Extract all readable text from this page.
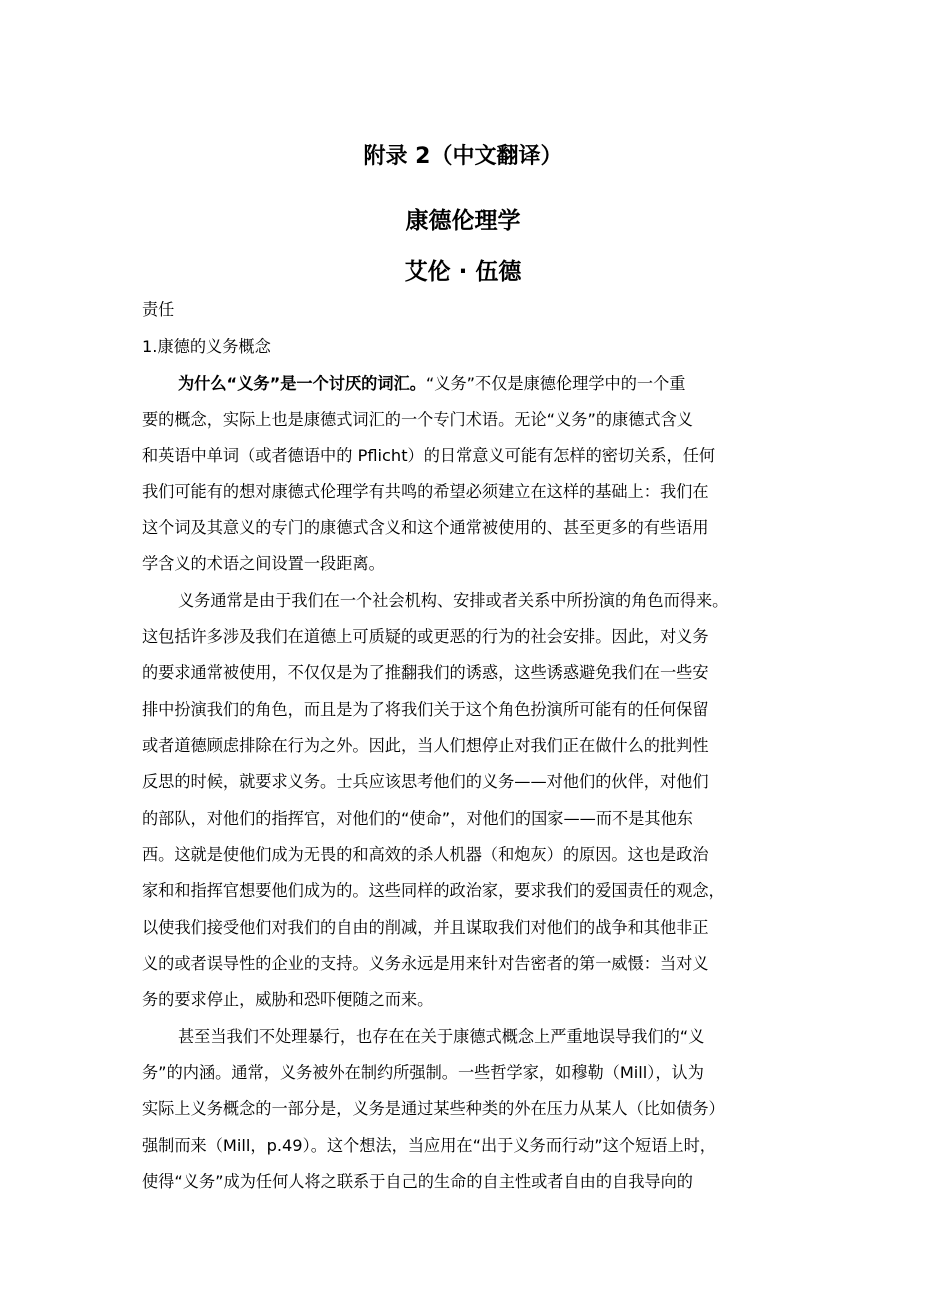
附录 2（中文翻译）
康德伦理学
艾伦 · 伍德
责任
1.康德的义务概念
为什么“义务”是一个讨厌的词汇。“义务”不仅是康德伦理学中的一个重
要的概念，实际上也是康德式词汇的一个专门术语。无论“义务”的康德式含义
和英语中单词（或者德语中的 Pflicht）的日常意义可能有怎样的密切关系，任何
我们可能有的想对康德式伦理学有共鸣的希望必须建立在这样的基础上：我们在
这个词及其意义的专门的康德式含义和这个通常被使用的、甚至更多的有些语用
学含义的术语之间设置一段距离。
义务通常是由于我们在一个社会机构、安排或者关系中所扮演的角色而得来。
这包括许多涉及我们在道德上可质疑的或更恶的行为的社会安排。因此，对义务
的要求通常被使用，不仅仅是为了推翻我们的诱惑，这些诱惑避免我们在一些安
排中扮演我们的角色，而且是为了将我们关于这个角色扮演所可能有的任何保留
或者道德顾虑排除在行为之外。因此，当人们想停止对我们正在做什么的批判性
反思的时候，就要求义务。士兵应该思考他们的义务——对他们的伙伴，对他们
的部队，对他们的指挥官，对他们的“使命”，对他们的国家——而不是其他东
西。这就是使他们成为无畏的和高效的杀人机器（和炮灰）的原因。这也是政治
家和和指挥官想要他们成为的。这些同样的政治家，要求我们的爱国责任的观念，
以使我们接受他们对我们的自由的削减，并且谋取我们对他们的战争和其他非正
义的或者误导性的企业的支持。义务永远是用来针对告密者的第一威慑：当对义
务的要求停止，威胁和恐吓便随之而来。
甚至当我们不处理暴行，也存在在关于康德式概念上严重地误导我们的“义
务”的内涵。通常，义务被外在制约所强制。一些哲学家，如穆勒（Mill），认为
实际上义务概念的一部分是，义务是通过某些种类的外在压力从某人（比如债务）
强制而来（Mill，p.49）。这个想法，当应用在“出于义务而行动”这个短语上时，
使得“义务”成为任何人将之联系于自己的生命的自主性或者自由的自我导向的
